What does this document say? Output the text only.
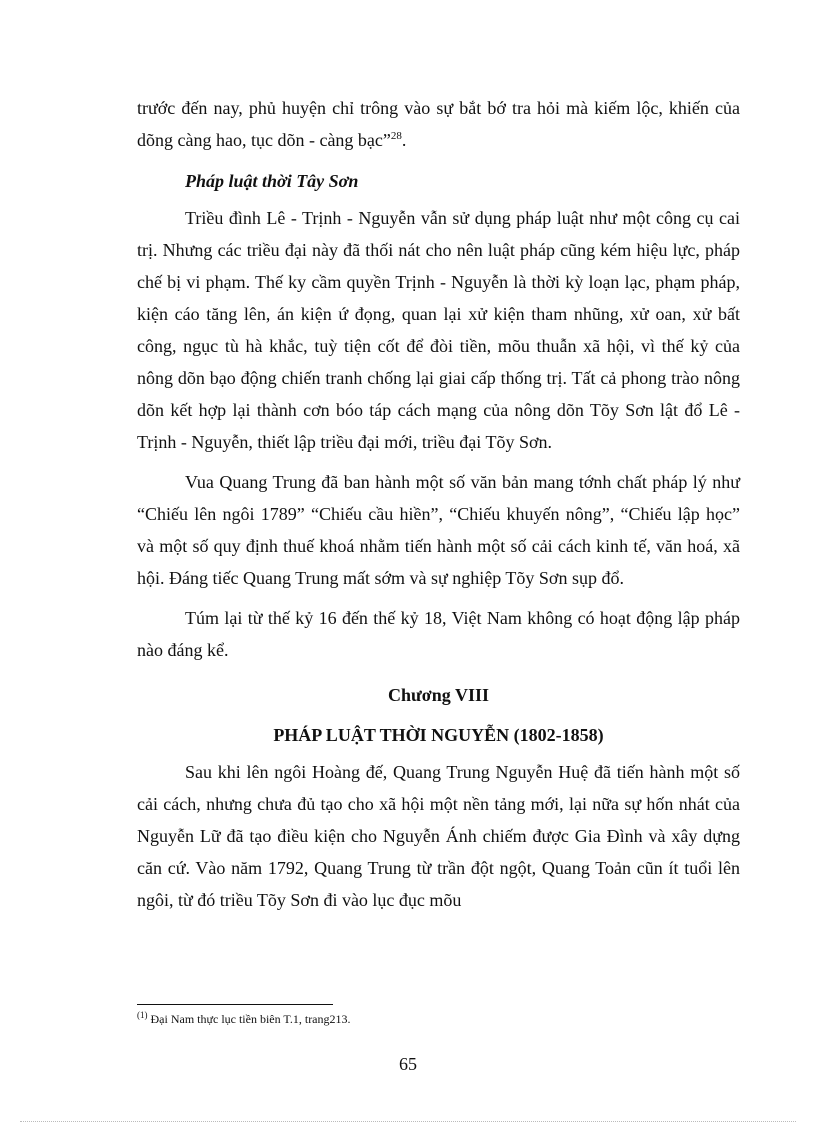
trước đến nay, phủ huyện chỉ trông vào sự bắt bớ tra hỏi mà kiếm lộc, khiến của dõng càng hao, tục dõn - càng bạc”$^{28}$.

Pháp luật thời Tây Sơn

Triều đình Lê - Trịnh - Nguyễn vẫn sử dụng pháp luật như một công cụ cai trị. Nhưng các triều đại này đã thối nát cho nên luật pháp cũng kém hiệu lực, pháp chế bị vi phạm. Thế ky cầm quyền Trịnh - Nguyễn là thời kỳ loạn lạc, phạm pháp, kiện cáo tăng lên, án kiện ứ đọng, quan lại xử kiện tham nhũng, xử oan, xử bất công, ngục tù hà khắc, tuỳ tiện cốt để đòi tiền, mõu thuẫn xã hội, vì thế kỷ của nông dõn bạo động chiến tranh chống lại giai cấp thống trị. Tất cả phong trào nông dõn kết hợp lại thành cơn bóo táp cách mạng của nông dõn Tõy Sơn lật đổ Lê - Trịnh - Nguyễn, thiết lập triều đại mới, triều đại Tõy Sơn.

Vua Quang Trung đã ban hành một số văn bản mang tớnh chất pháp lý như “Chiếu lên ngôi 1789” “Chiếu cầu hiền”, “Chiếu khuyến nông”, “Chiếu lập học” và một số quy định thuế khoá nhằm tiến hành một số cải cách kinh tế, văn hoá, xã hội. Đáng tiếc Quang Trung mất sớm và sự nghiệp Tõy Sơn sụp đổ.

Túm lại từ thế kỷ 16 đến thế kỷ 18, Việt Nam không có hoạt động lập pháp nào đáng kể.

Chương VIII
PHÁP LUẬT THỜI NGUYỄN (1802-1858)

Sau khi lên ngôi Hoàng đế, Quang Trung Nguyễn Huệ đã tiến hành một số cải cách, nhưng chưa đủ tạo cho xã hội một nền tảng mới, lại nữa sự hốn nhát của Nguyễn Lữ đã tạo điều kiện cho Nguyễn Ánh chiếm được Gia Đình và xây dựng căn cứ. Vào năm 1792, Quang Trung từ trần đột ngột, Quang Toản cũn ít tuổi lên ngôi, từ đó triều Tõy Sơn đi vào lục đục mõu

$^{(1)}$ Đại Nam thực lục tiền biên T.1, trang213.
65
